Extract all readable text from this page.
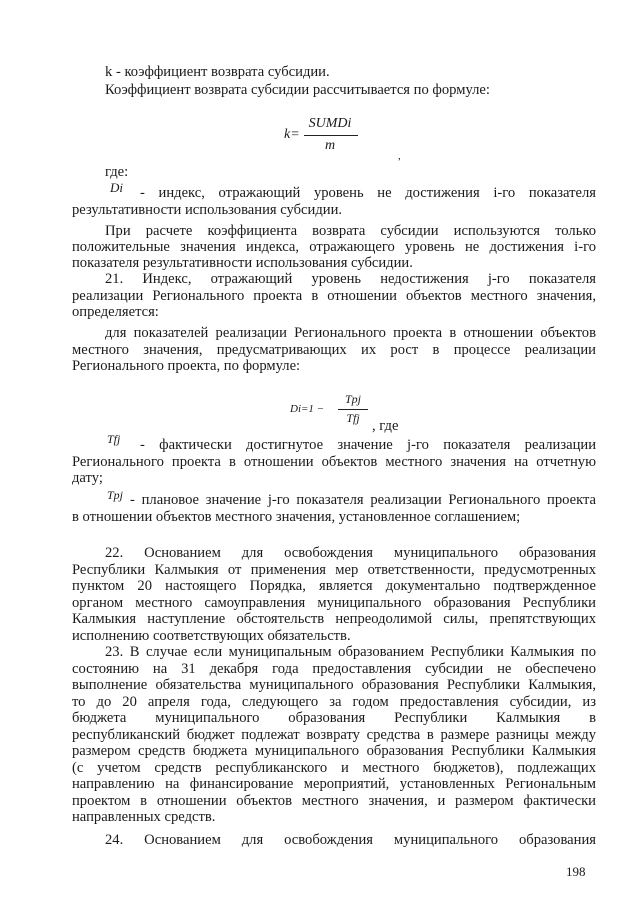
k - коэффициент возврата субсидии.
Коэффициент возврата субсидии рассчитывается по формуле:
k=
SUMDi
m
,
где:
Di - индекс, отражающий уровень не достижения i-го показателя
результативности использования субсидии.
При расчете коэффициента возврата субсидии используются только
положительные значения индекса, отражающего уровень не достижения i-го
показателя результативности использования субсидии.
21. Индекс, отражающий уровень недостижения j-го показателя
реализации Регионального проекта в отношении объектов местного значения,
определяется:
для показателей реализации Регионального проекта в отношении объектов
местного значения, предусматривающих их рост в процессе реализации
Регионального проекта, по формуле:
Di=1 −
Tpj
Tfj , где
Tfj - фактически достигнутое значение j-го показателя реализации
Регионального проекта в отношении объектов местного значения на отчетную
дату;
Tpj - плановое значение j-го показателя реализации Регионального проекта
в отношении объектов местного значения, установленное соглашением;
22. Основанием для освобождения муниципального образования
Республики Калмыкия от применения мер ответственности, предусмотренных
пунктом 20 настоящего Порядка, является документально подтвержденное
органом местного самоуправления муниципального образования Республики
Калмыкия наступление обстоятельств непреодолимой силы, препятствующих
исполнению соответствующих обязательств.
23. В случае если муниципальным образованием Республики Калмыкия по
состоянию на 31 декабря года предоставления субсидии не обеспечено
выполнение обязательства муниципального образования Республики Калмыкия,
то до 20 апреля года, следующего за годом предоставления субсидии, из
бюджета муниципального образования Республики Калмыкия в
республиканский бюджет подлежат возврату средства в размере разницы между
размером средств бюджета муниципального образования Республики Калмыкия
(с учетом средств республиканского и местного бюджетов), подлежащих
направлению на финансирование мероприятий, установленных Региональным
проектом в отношении объектов местного значения, и размером фактически
направленных средств.
24. Основанием для освобождения муниципального образования
198
